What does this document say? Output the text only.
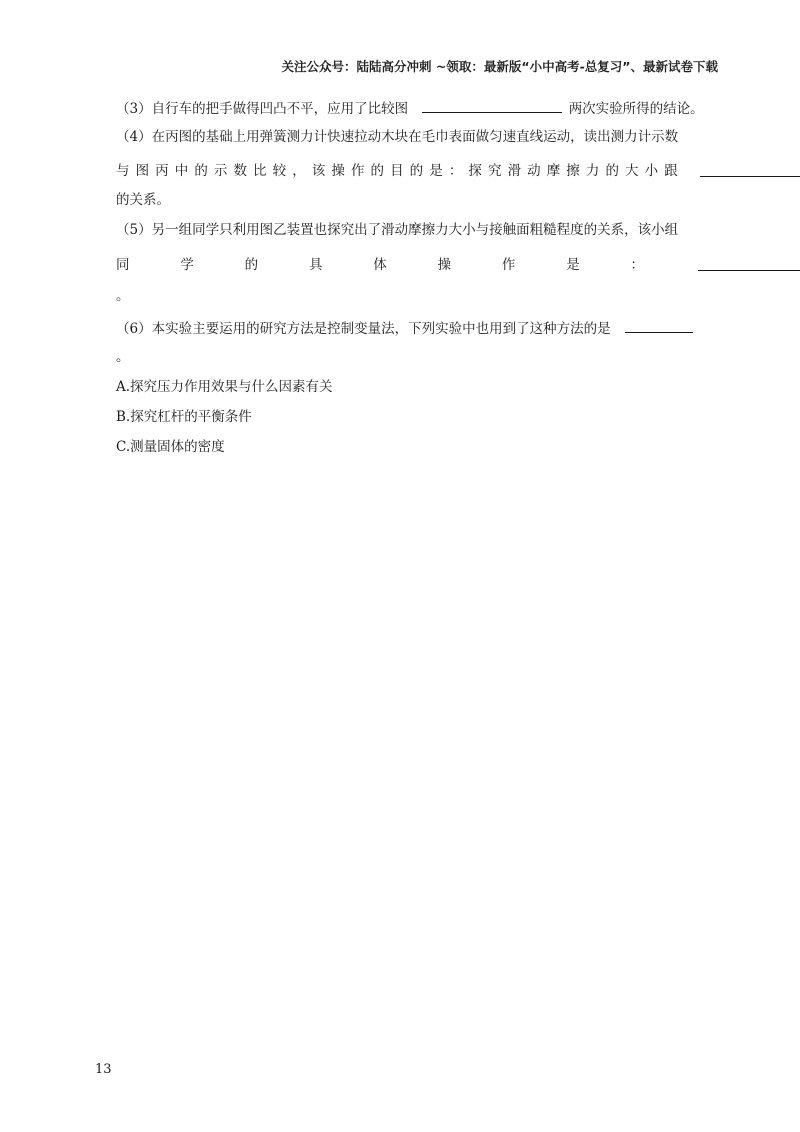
关注公众号：陆陆高分冲刺 ~领取：最新版“小中高考-总复习”、最新试卷下载
（3）自行车的把手做得凹凸不平，应用了比较图	两次实验所得的结论。
（4）在丙图的基础上用弹簧测力计快速拉动木块在毛巾表面做匀速直线运动，读出测力计示数
与 图 丙 中 的 示 数 比 较 ， 该 操 作 的 目 的 是 ： 探 究 滑 动 摩 擦 力 的 大 小 跟
的关系。
（5）另一组同学只利用图乙装置也探究出了滑动摩擦力大小与接触面粗糙程度的关系，该小组
同	学	的	具	体	操	作	是	：
。
（6）本实验主要运用的研究方法是控制变量法，下列实验中也用到了这种方法的是
。
A.探究压力作用效果与什么因素有关
B.探究杠杆的平衡条件
C.测量固体的密度
13
